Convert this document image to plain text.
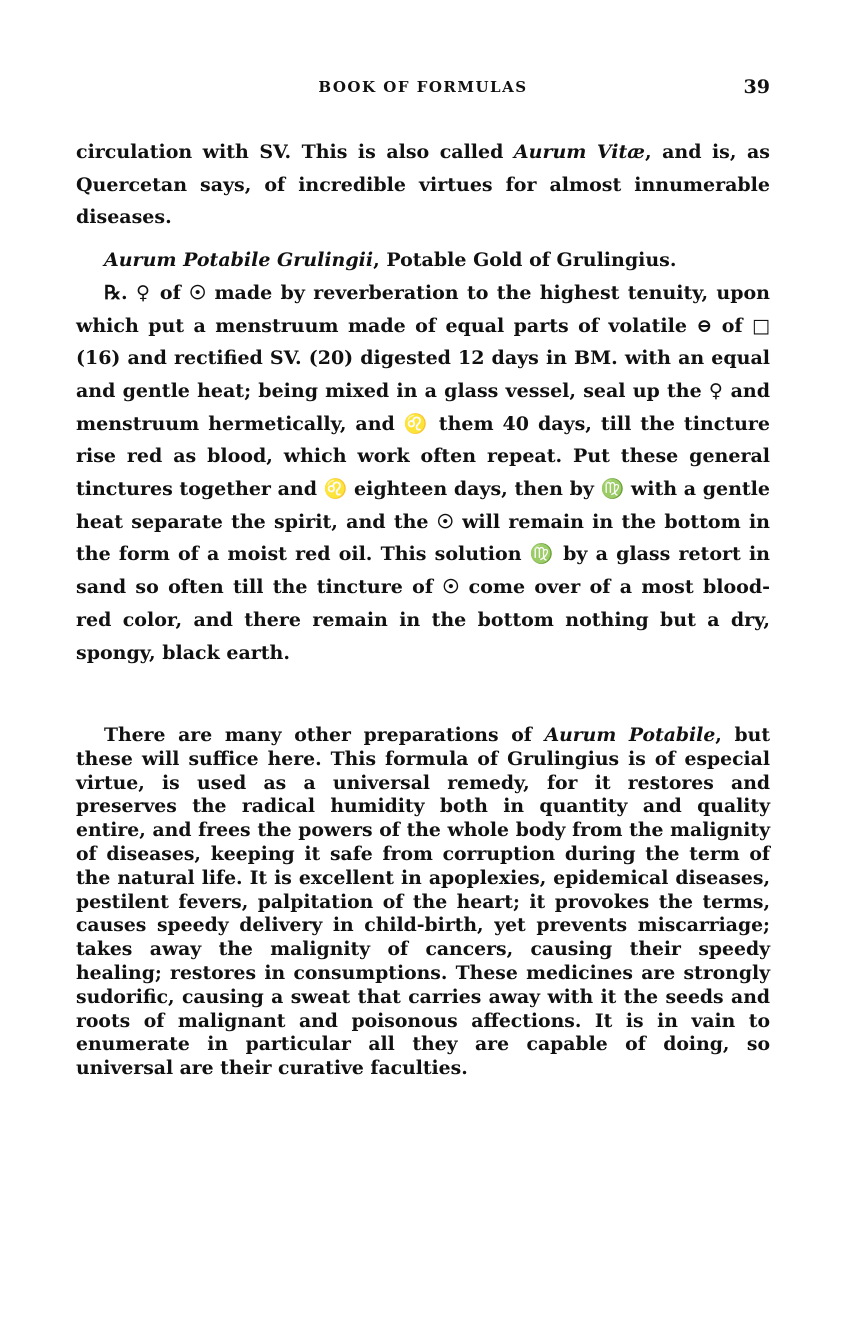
BOOK OF FORMULAS	39

circulation with SV. This is also called Aurum Vitæ, and is, as Quercetan says, of incredible virtues for almost innumerable diseases.

Aurum Potabile Grulingii, Potable Gold of Grulingius.

℞. ♀ of ☉ made by reverberation to the highest tenuity, upon which put a menstruum made of equal parts of volatile ⊖ of □ (16) and rectified SV. (20) digested 12 days in BM. with an equal and gentle heat; being mixed in a glass vessel, seal up the ♀ and menstruum hermetically, and ♌ them 40 days, till the tincture rise red as blood, which work often repeat. Put these general tinctures together and ♌ eighteen days, then by ♍ with a gentle heat separate the spirit, and the ☉ will remain in the bottom in the form of a moist red oil. This solution ♍ by a glass retort in sand so often till the tincture of ☉ come over of a most blood-red color, and there remain in the bottom nothing but a dry, spongy, black earth.

There are many other preparations of Aurum Potabile, but these will suffice here. This formula of Grulingius is of especial virtue, is used as a universal remedy, for it restores and preserves the radical humidity both in quantity and quality entire, and frees the powers of the whole body from the malignity of diseases, keeping it safe from corruption during the term of the natural life. It is excellent in apoplexies, epidemical diseases, pestilent fevers, palpitation of the heart; it provokes the terms, causes speedy delivery in child-birth, yet prevents miscarriage; takes away the malignity of cancers, causing their speedy healing; restores in consumptions. These medicines are strongly sudorific, causing a sweat that carries away with it the seeds and roots of malignant and poisonous affections. It is in vain to enumerate in particular all they are capable of doing, so universal are their curative faculties.
